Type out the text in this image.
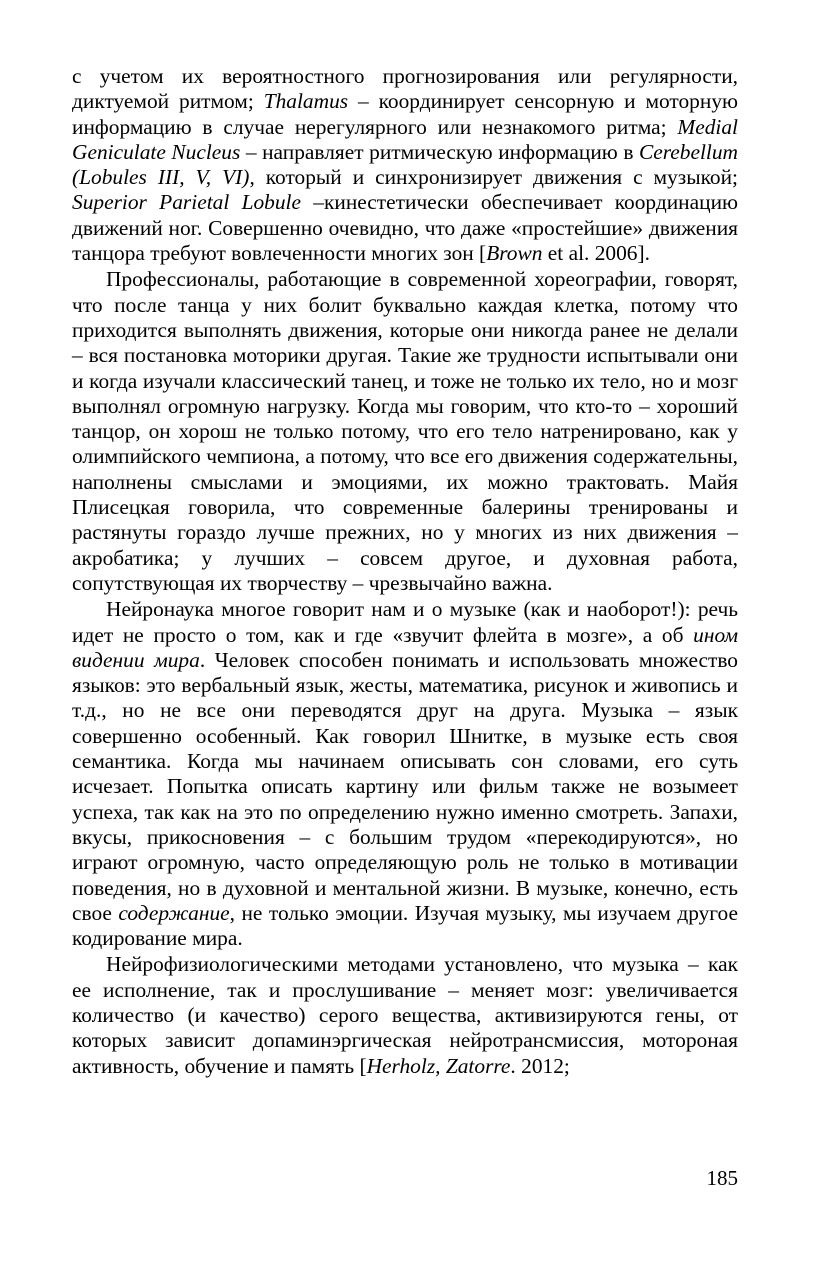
с учетом их вероятностного прогнозирования или регулярности, диктуемой ритмом; Thalamus – координирует сенсорную и моторную информацию в случае нерегулярного или незнакомого ритма; Medial Geniculate Nucleus – направляет ритмическую информацию в Cerebellum (Lobules III, V, VI), который и синхронизирует движения с музыкой; Superior Parietal Lobule –кинестетически обеспечивает координацию движений ног. Совершенно очевидно, что даже «простейшие» движения танцора требуют вовлеченности многих зон [Brown et al. 2006].

Профессионалы, работающие в современной хореографии, говорят, что после танца у них болит буквально каждая клетка, потому что приходится выполнять движения, которые они никогда ранее не делали – вся постановка моторики другая. Такие же трудности испытывали они и когда изучали классический танец, и тоже не только их тело, но и мозг выполнял огромную нагрузку. Когда мы говорим, что кто-то – хороший танцор, он хорош не только потому, что его тело натренировано, как у олимпийского чемпиона, а потому, что все его движения содержательны, наполнены смыслами и эмоциями, их можно трактовать. Майя Плисецкая говорила, что современные балерины тренированы и растянуты гораздо лучше прежних, но у многих из них движения – акробатика; у лучших – совсем другое, и духовная работа, сопутствующая их творчеству – чрезвычайно важна.

Нейронаука многое говорит нам и о музыке (как и наоборот!): речь идет не просто о том, как и где «звучит флейта в мозге», а об ином видении мира. Человек способен понимать и использовать множество языков: это вербальный язык, жесты, математика, рисунок и живопись и т.д., но не все они переводятся друг на друга. Музыка – язык совершенно особенный. Как говорил Шнитке, в музыке есть своя семантика. Когда мы начинаем описывать сон словами, его суть исчезает. Попытка описать картину или фильм также не возымеет успеха, так как на это по определению нужно именно смотреть. Запахи, вкусы, прикосновения – с большим трудом «перекодируются», но играют огромную, часто определяющую роль не только в мотивации поведения, но в духовной и ментальной жизни. В музыке, конечно, есть свое содержание, не только эмоции. Изучая музыку, мы изучаем другое кодирование мира.

Нейрофизиологическими методами установлено, что музыка – как ее исполнение, так и прослушивание – меняет мозг: увеличивается количество (и качество) серого вещества, активизируются гены, от которых зависит допаминэргическая нейротрансмиссия, мотороная активность, обучение и память [Herholz, Zatorre. 2012;

185
